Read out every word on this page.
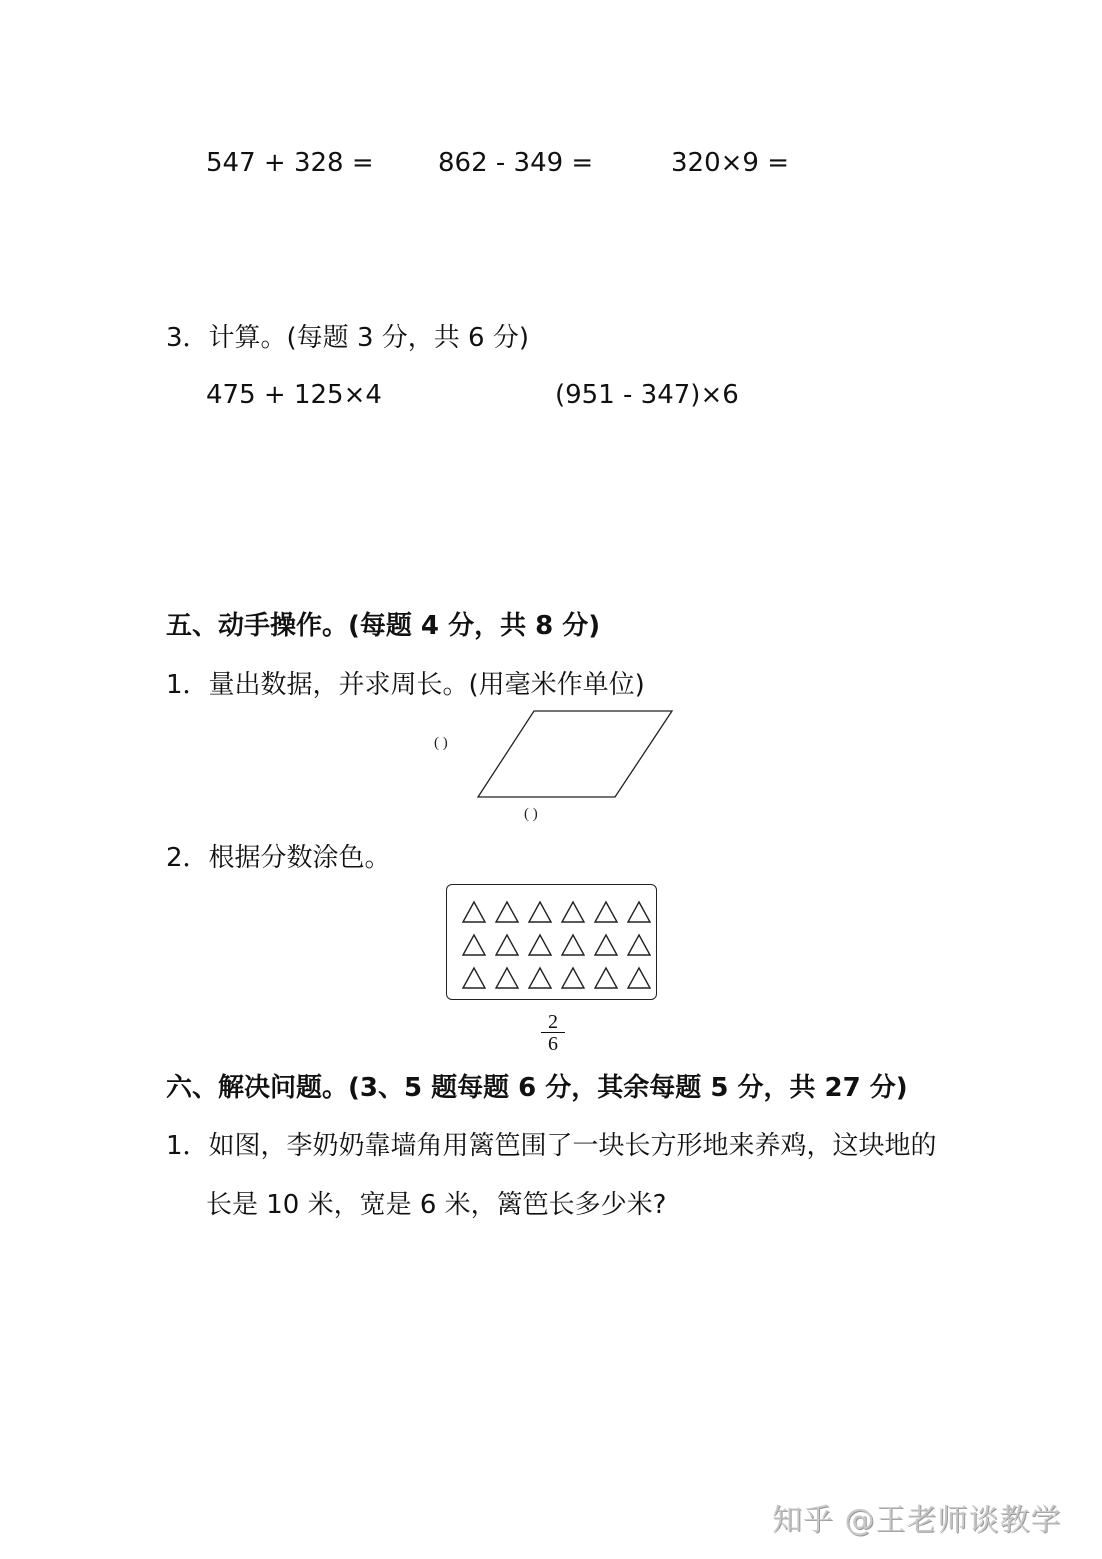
547 + 328 = 862 - 349 =	320×9 =
3．计算。(每题 3 分，共 6 分)
475 + 125×4	(951 - 347)×6
五、动手操作。(每题 4 分，共 8 分)
1．量出数据，并求周长。(用毫米作单位)
( )
( )
2．根据分数涂色。
$\frac{2}{6}$
六、解决问题。(3、5 题每题 6 分，其余每题 5 分，共 27 分)
1．如图，李奶奶靠墙角用篱笆围了一块长方形地来养鸡，这块地的
长是 10 米，宽是 6 米，篱笆长多少米?
知乎 @王老师谈教学
